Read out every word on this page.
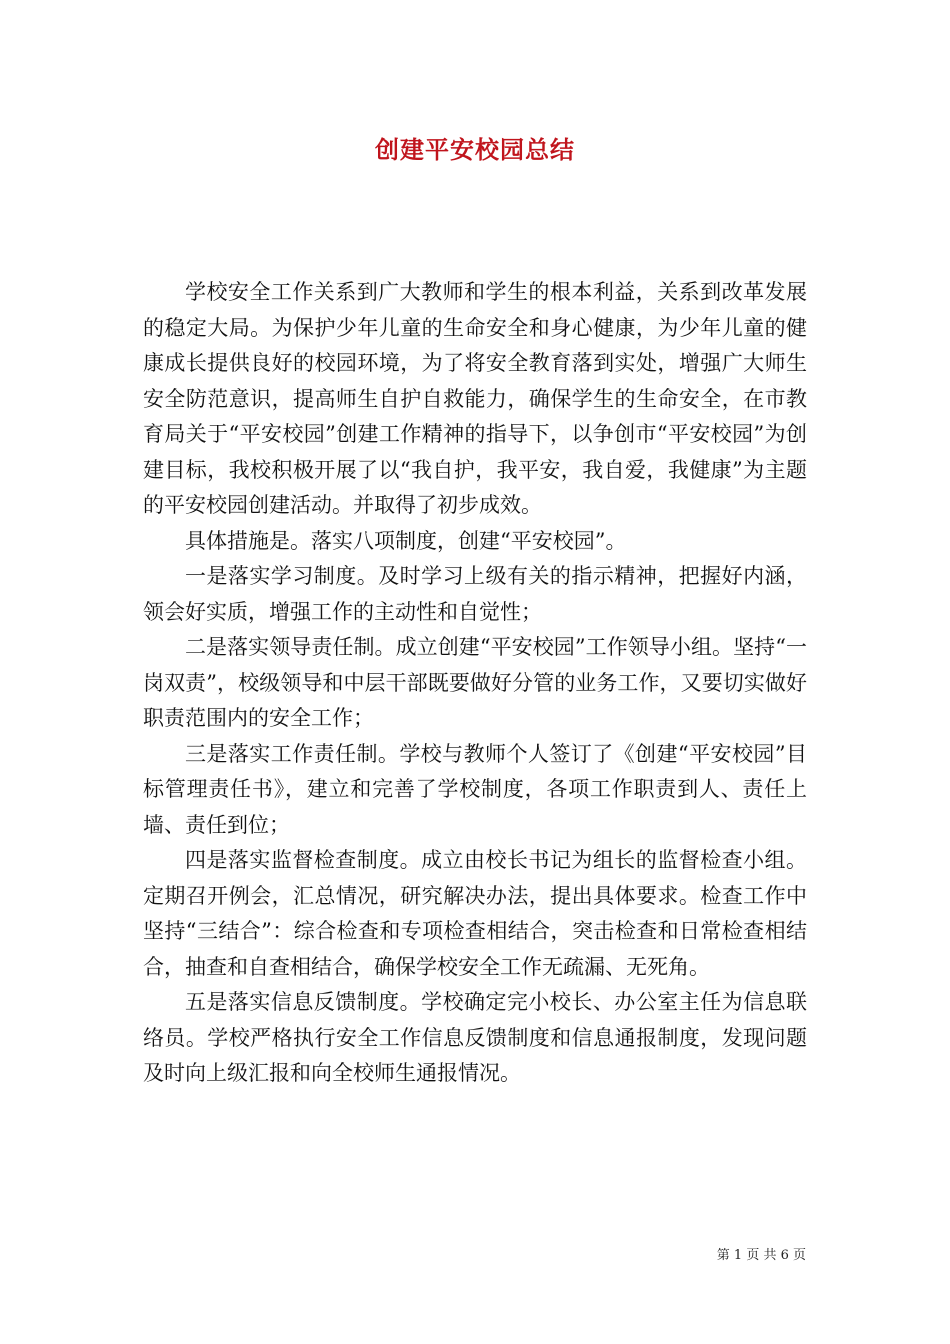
创建平安校园总结

学校安全工作关系到广大教师和学生的根本利益，关系到改革发展的稳定大局。为保护少年儿童的生命安全和身心健康，为少年儿童的健康成长提供良好的校园环境，为了将安全教育落到实处，增强广大师生安全防范意识，提高师生自护自救能力，确保学生的生命安全，在市教育局关于“平安校园”创建工作精神的指导下，以争创市“平安校园”为创建目标，我校积极开展了以“我自护，我平安，我自爱，我健康”为主题的平安校园创建活动。并取得了初步成效。

具体措施是。落实八项制度，创建“平安校园”。

一是落实学习制度。及时学习上级有关的指示精神，把握好内涵，领会好实质，增强工作的主动性和自觉性；

二是落实领导责任制。成立创建“平安校园”工作领导小组。坚持“一岗双责”，校级领导和中层干部既要做好分管的业务工作，又要切实做好职责范围内的安全工作；

三是落实工作责任制。学校与教师个人签订了《创建“平安校园”目标管理责任书》，建立和完善了学校制度，各项工作职责到人、责任上墙、责任到位；

四是落实监督检查制度。成立由校长书记为组长的监督检查小组。定期召开例会，汇总情况，研究解决办法，提出具体要求。检查工作中坚持“三结合”：综合检查和专项检查相结合，突击检查和日常检查相结合，抽查和自查相结合，确保学校安全工作无疏漏、无死角。

五是落实信息反馈制度。学校确定完小校长、办公室主任为信息联络员。学校严格执行安全工作信息反馈制度和信息通报制度，发现问题及时向上级汇报和向全校师生通报情况。

第 1 页 共 6 页
